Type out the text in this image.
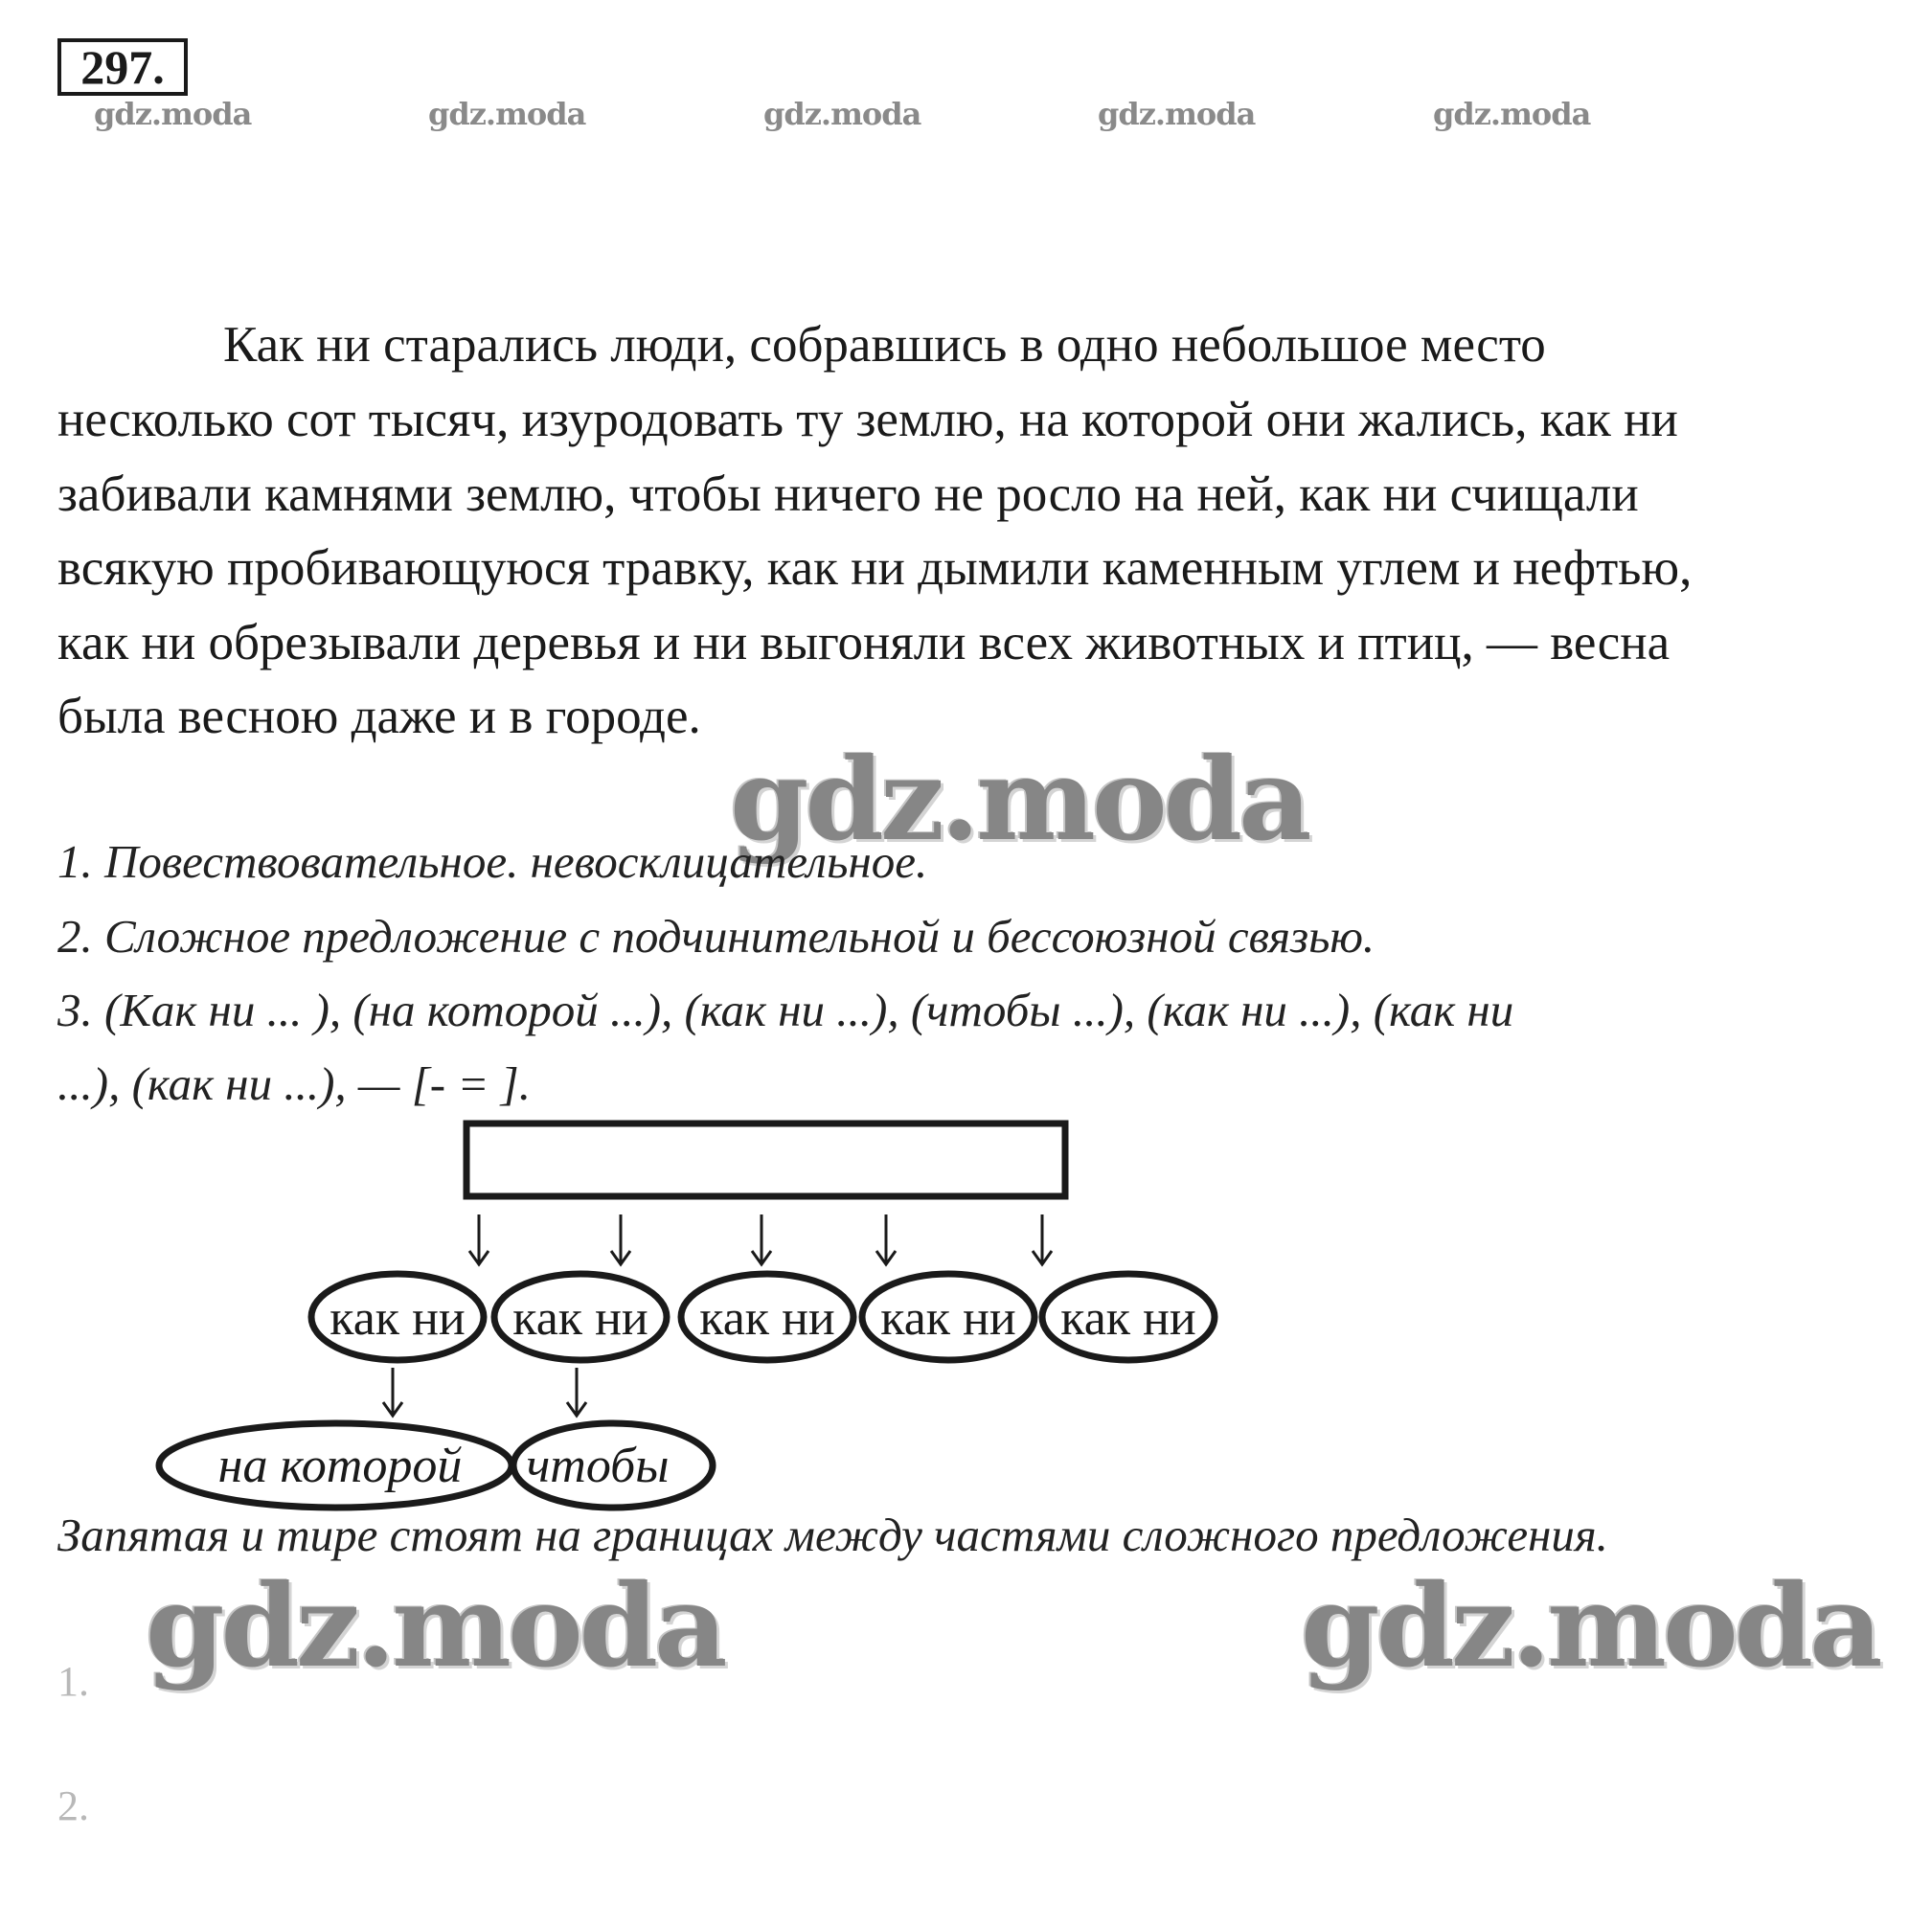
297.
gdz.moda	gdz.moda	gdz.moda	gdz.moda	gdz.moda
Как ни старались люди, собравшись в одно небольшое место
несколько сот тысяч, изуродовать ту землю, на которой они жались, как ни
забивали камнями землю, чтобы ничего не росло на ней, как ни счищали
всякую пробивающуюся травку, как ни дымили каменным углем и нефтью,
как ни обрезывали деревья и ни выгоняли всех животных и птиц, — весна
была весною даже и в городе.
gdz.moda
1. Повествовательное. невосклицательное.
2. Сложное предложение с подчинительной и бессоюзной связью.
3. (Как ни ... ), (на которой ...), (как ни ...), (чтобы ...), (как ни ...), (как ни
...), (как ни ...), — [- = ].
как ни как ни как ни как ни как ни
на которой чтобы
Запятая и тире стоят на границах между частями сложного предложения.
gdz.moda	gdz.moda
1.
2.
